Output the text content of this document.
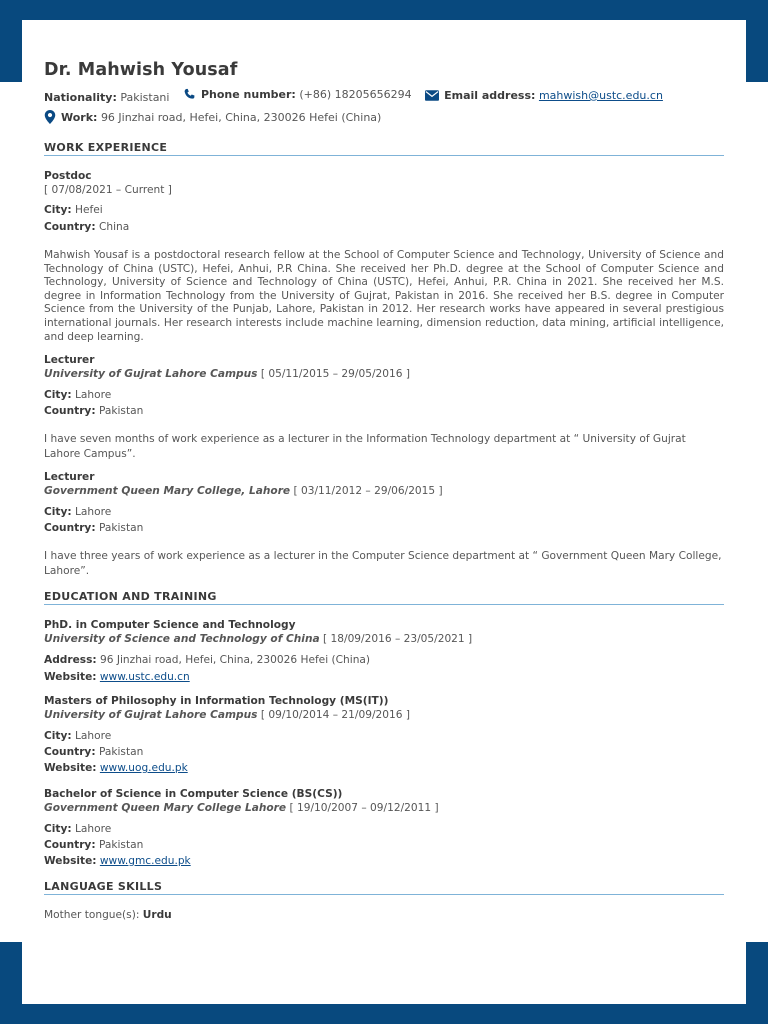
Dr. Mahwish Yousaf
Nationality:
Pakistani
	Phone number:
(+86) 18205656294
	Email address:
mahwish@ustc.edu.cn
Work:
96 Jinzhai road, Hefei, China, 230026 Hefei (China)
WORK EXPERIENCE
Postdoc
[ 07/08/2021 – Current ]
City: Hefei
Country: China
Mahwish Yousaf is a postdoctoral research fellow at the School of Computer Science and Technology, University of Science and Technology of China (USTC), Hefei, Anhui, P.R China. She received her Ph.D. degree at the School of Computer Science and Technology, University of Science and Technology of China (USTC), Hefei, Anhui, P.R. China in 2021. She received her M.S. degree in Information Technology from the University of Gujrat, Pakistan in 2016. She received her B.S. degree in Computer Science from the University of the Punjab, Lahore, Pakistan in 2012. Her research works have appeared in several prestigious international journals. Her research interests include machine learning, dimension reduction, data mining, artificial intelligence, and deep learning.
Lecturer
University of Gujrat Lahore Campus [ 05/11/2015 – 29/05/2016 ]
City: Lahore
Country: Pakistan
I have seven months of work experience as a lecturer in the Information Technology department at “ University of Gujrat Lahore Campus”.
Lecturer
Government Queen Mary College, Lahore [ 03/11/2012 – 29/06/2015 ]
City: Lahore
Country: Pakistan
I have three years of work experience as a lecturer in the Computer Science department at “ Government Queen Mary College, Lahore”.
EDUCATION AND TRAINING
PhD. in Computer Science and Technology
University of Science and Technology of China [ 18/09/2016 – 23/05/2021 ]
Address: 96 Jinzhai road, Hefei, China, 230026 Hefei (China)
Website: www.ustc.edu.cn
Masters of Philosophy in Information Technology (MS(IT))
University of Gujrat Lahore Campus [ 09/10/2014 – 21/09/2016 ]
City: Lahore
Country: Pakistan
Website: www.uog.edu.pk
Bachelor of Science in Computer Science (BS(CS))
Government Queen Mary College Lahore [ 19/10/2007 – 09/12/2011 ]
City: Lahore
Country: Pakistan
Website: www.gmc.edu.pk
LANGUAGE SKILLS
Mother tongue(s): Urdu
